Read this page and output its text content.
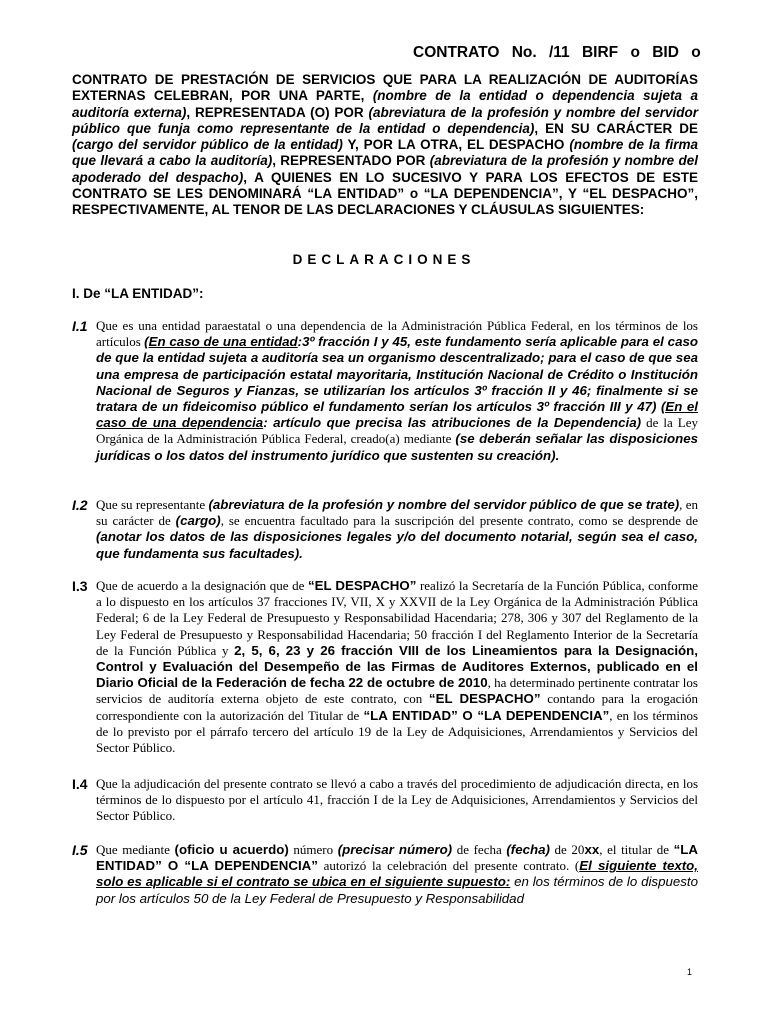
CONTRATO No. /11 BIRF o BID o
CONTRATO DE PRESTACIÓN DE SERVICIOS QUE PARA LA REALIZACIÓN DE AUDITORÍAS EXTERNAS CELEBRAN, POR UNA PARTE, (nombre de la entidad o dependencia sujeta a auditoría externa), REPRESENTADA (O) POR (abreviatura de la profesión y nombre del servidor público que funja como representante de la entidad o dependencia), EN SU CARÁCTER DE (cargo del servidor público de la entidad) Y, POR LA OTRA, EL DESPACHO (nombre de la firma que llevará a cabo la auditoría), REPRESENTADO POR (abreviatura de la profesión y nombre del apoderado del despacho), A QUIENES EN LO SUCESIVO Y PARA LOS EFECTOS DE ESTE CONTRATO SE LES DENOMINARÁ “LA ENTIDAD” o “LA DEPENDENCIA”, Y “EL DESPACHO”, RESPECTIVAMENTE, AL TENOR DE LAS DECLARACIONES Y CLÁUSULAS SIGUIENTES:
DECLARACIONES
I. De “LA ENTIDAD”:
I.1 Que es una entidad paraestatal o una dependencia de la Administración Pública Federal, en los términos de los artículos (En caso de una entidad:3º fracción I y 45, este fundamento sería aplicable para el caso de que la entidad sujeta a auditoría sea un organismo descentralizado; para el caso de que sea una empresa de participación estatal mayoritaria, Institución Nacional de Crédito o Institución Nacional de Seguros y Fianzas, se utilizarían los artículos 3º fracción II y 46; finalmente si se tratara de un fideicomiso público el fundamento serían los artículos 3º fracción III y 47) (En el caso de una dependencia: artículo que precisa las atribuciones de la Dependencia) de la Ley Orgánica de la Administración Pública Federal, creado(a) mediante (se deberán señalar las disposiciones jurídicas o los datos del instrumento jurídico que sustenten su creación).
I.2 Que su representante (abreviatura de la profesión y nombre del servidor público de que se trate), en su carácter de (cargo), se encuentra facultado para la suscripción del presente contrato, como se desprende de (anotar los datos de las disposiciones legales y/o del documento notarial, según sea el caso, que fundamenta sus facultades).
I.3 Que de acuerdo a la designación que de “EL DESPACHO” realizó la Secretaría de la Función Pública, conforme a lo dispuesto en los artículos 37 fracciones IV, VII, X y XXVII de la Ley Orgánica de la Administración Pública Federal; 6 de la Ley Federal de Presupuesto y Responsabilidad Hacendaria; 278, 306 y 307 del Reglamento de la Ley Federal de Presupuesto y Responsabilidad Hacendaria; 50 fracción I del Reglamento Interior de la Secretaría de la Función Pública y 2, 5, 6, 23 y 26 fracción VIII de los Lineamientos para la Designación, Control y Evaluación del Desempeño de las Firmas de Auditores Externos, publicado en el Diario Oficial de la Federación de fecha 22 de octubre de 2010, ha determinado pertinente contratar los servicios de auditoría externa objeto de este contrato, con “EL DESPACHO” contando para la erogación correspondiente con la autorización del Titular de “LA ENTIDAD” O “LA DEPENDENCIA”, en los términos de lo previsto por el párrafo tercero del artículo 19 de la Ley de Adquisiciones, Arrendamientos y Servicios del Sector Público.
I.4 Que la adjudicación del presente contrato se llevó a cabo a través del procedimiento de adjudicación directa, en los términos de lo dispuesto por el artículo 41, fracción I de la Ley de Adquisiciones, Arrendamientos y Servicios del Sector Público.
I.5 Que mediante (oficio u acuerdo) número (precisar número) de fecha (fecha) de 20xx, el titular de “LA ENTIDAD” O “LA DEPENDENCIA” autorizó la celebración del presente contrato. (El siguiente texto, solo es aplicable si el contrato se ubica en el siguiente supuesto: en los términos de lo dispuesto por los artículos 50 de la Ley Federal de Presupuesto y Responsabilidad
1
